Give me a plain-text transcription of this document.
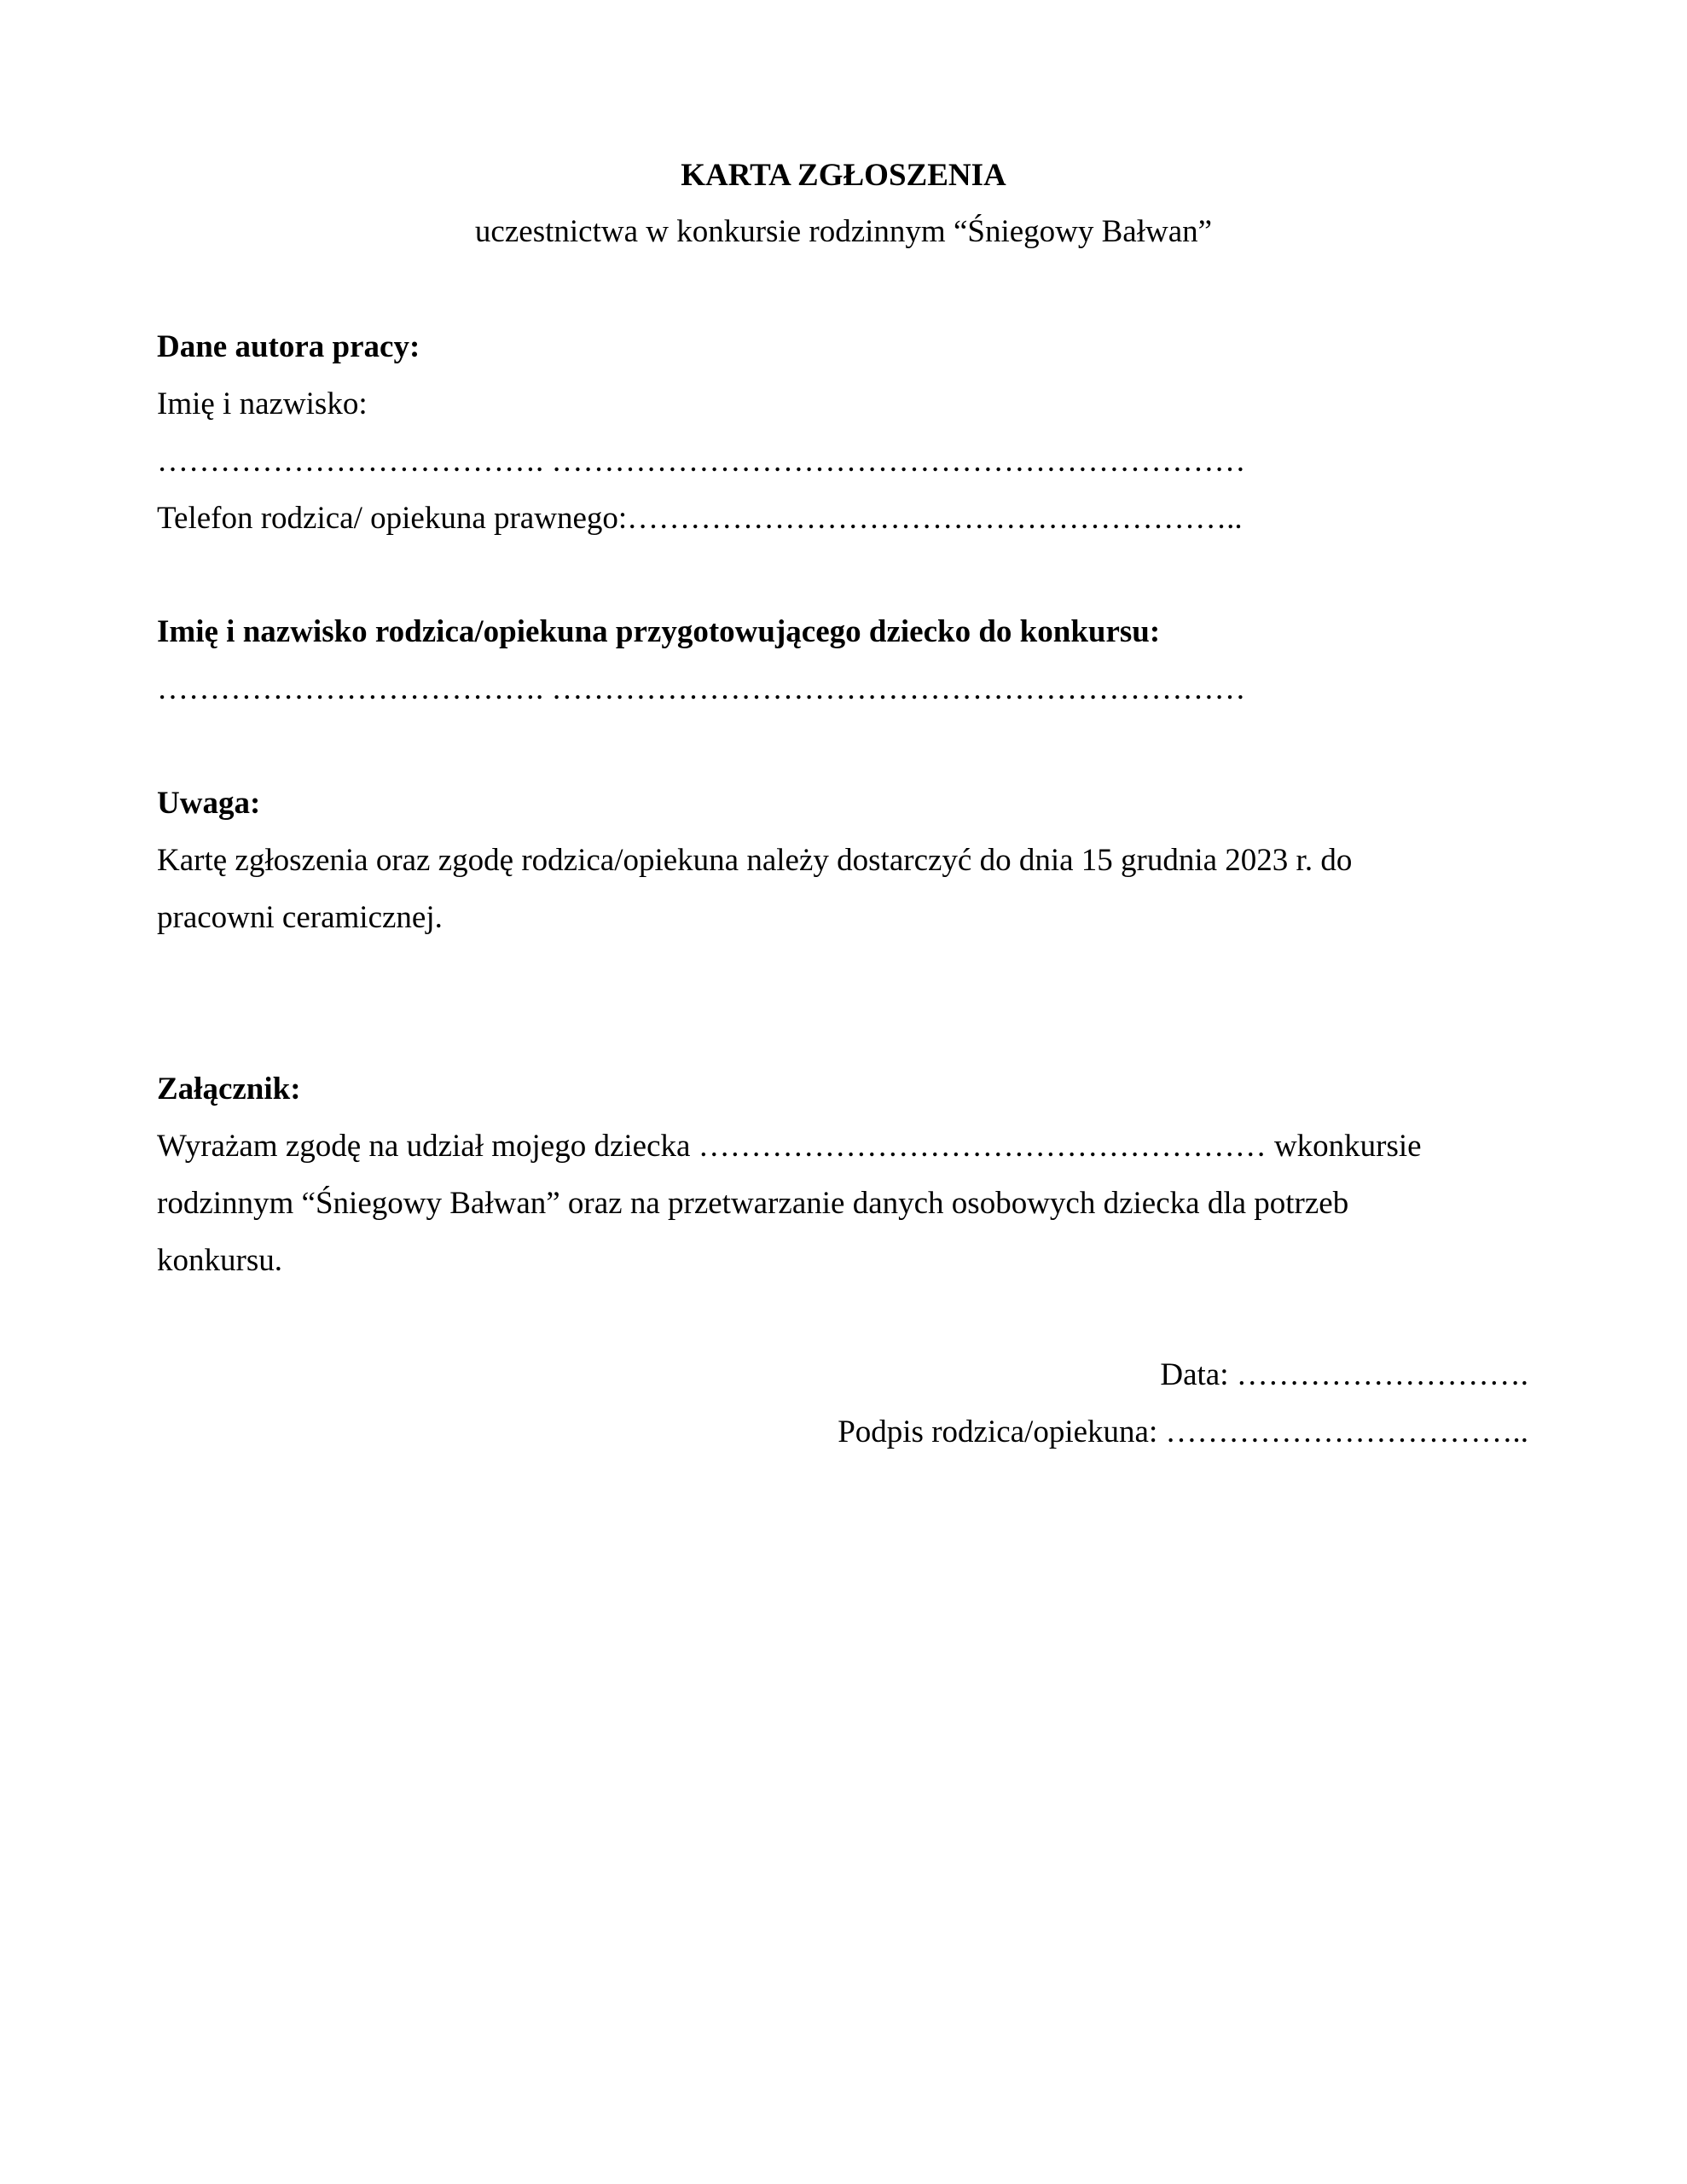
KARTA ZGŁOSZENIA
uczestnictwa w konkursie rodzinnym “Śniegowy Bałwan”
Dane autora pracy:
Imię i nazwisko:
………………………………. …………………………………………………………
Telefon rodzica/ opiekuna prawnego:…………………………………………………..
Imię i nazwisko rodzica/opiekuna przygotowującego dziecko do konkursu:
………………………………. …………………………………………………………
Uwaga:
Kartę zgłoszenia oraz zgodę rodzica/opiekuna należy dostarczyć do dnia 15 grudnia 2023 r. do
pracowni ceramicznej.
Załącznik:
Wyrażam zgodę na udział mojego dziecka ……………………………………………… wkonkursie
rodzinnym “Śniegowy Bałwan” oraz na przetwarzanie danych osobowych dziecka dla potrzeb
konkursu.
Data: ……………………….
Podpis rodzica/opiekuna: ……………………………..
